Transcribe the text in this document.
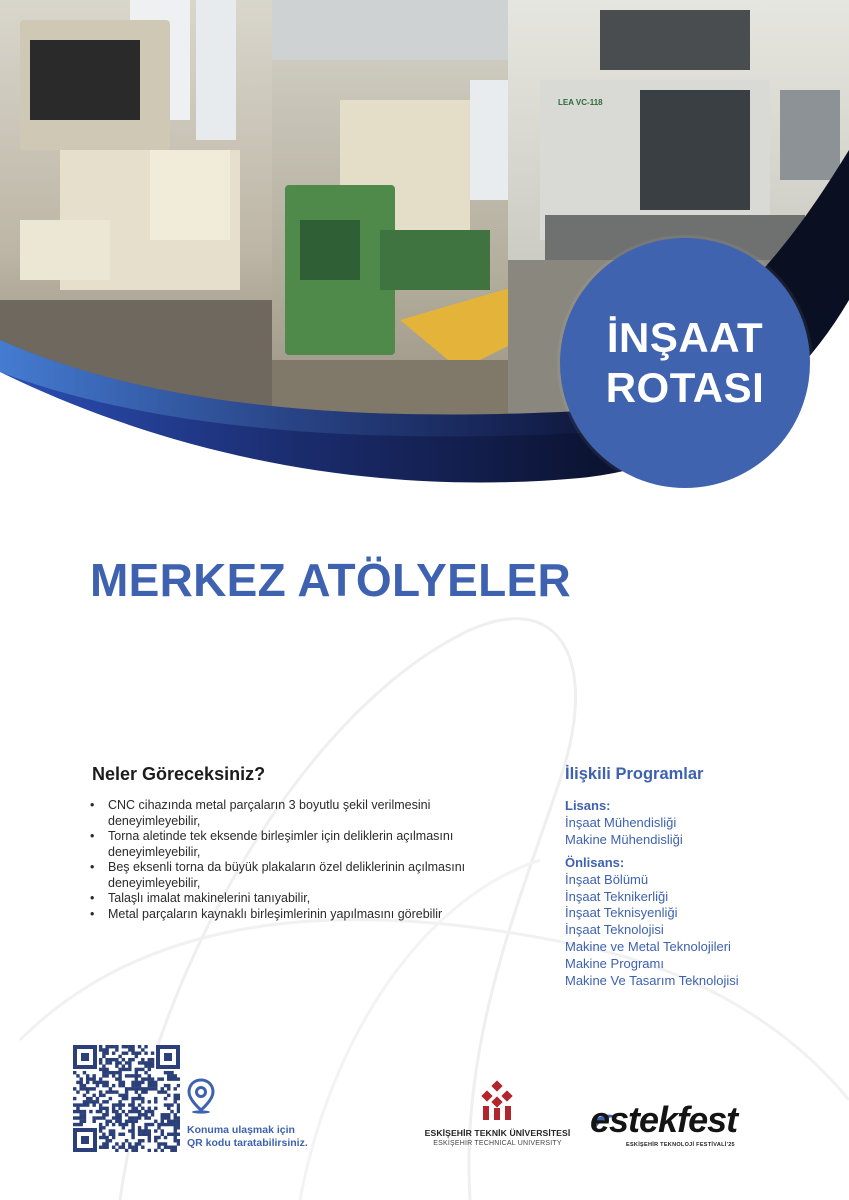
LEA VC-118
İNŞAAT
ROTASI
MERKEZ ATÖLYELER
Neler Göreceksiniz?
• CNC cihazında metal parçaların 3 boyutlu şekil verilmesini
deneyimleyebilir,
• Torna aletinde tek eksende birleşimler için deliklerin açılmasını
deneyimleyebilir,
• Beş eksenli torna da büyük plakaların özel deliklerinin açılmasını
deneyimleyebilir,
• Talaşlı imalat makinelerini tanıyabilir,
• Metal parçaların kaynaklı birleşimlerinin yapılmasını görebilir
İlişkili Programlar
Lisans:
İnşaat Mühendisliği
Makine Mühendisliği
Önlisans:
İnşaat Bölümü
İnşaat Teknikerliği
İnşaat Teknisyenliği
İnşaat Teknolojisi
Makine ve Metal Teknolojileri
Makine Programı
Makine Ve Tasarım Teknolojisi
Konuma ulaşmak için
QR kodu taratabilirsiniz.
ESKİŞEHİR TEKNİK ÜNİVERSİTESİ
ESKİŞEHİR TECHNICAL UNIVERSITY
estekfest
ESKİŞEHİR TEKNOLOJİ FESTİVALİ'25
